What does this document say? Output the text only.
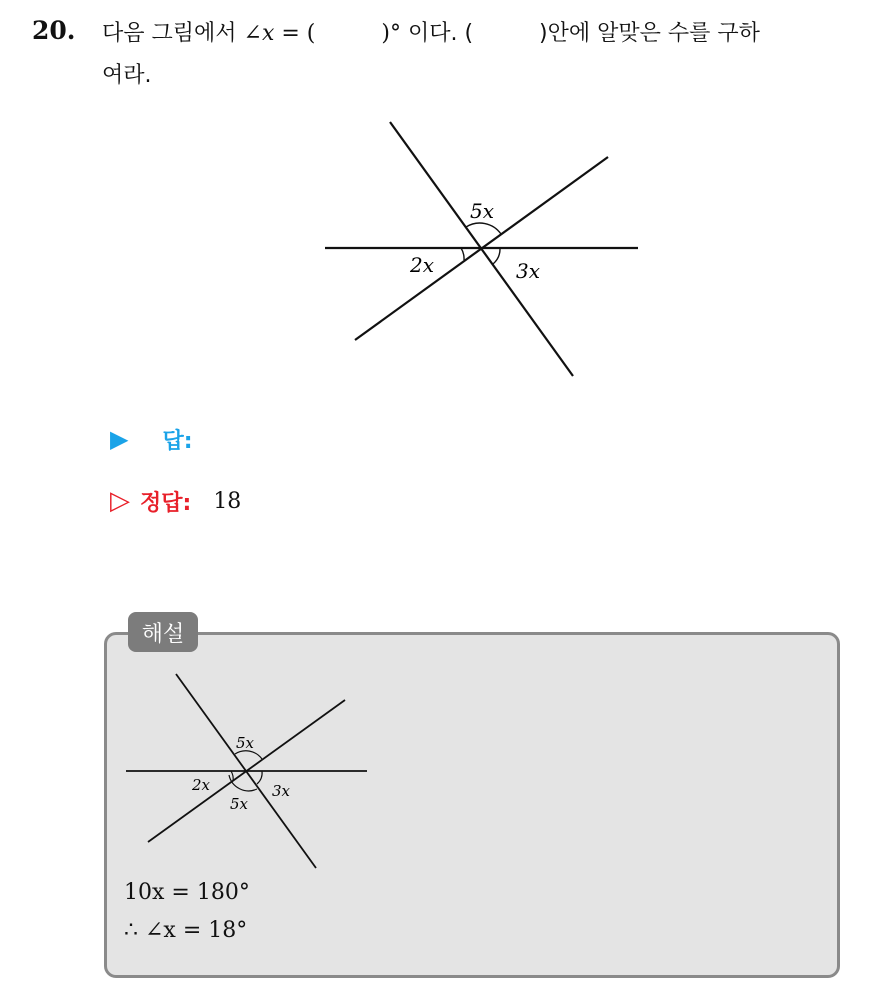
20. 다음 그림에서 ∠x = (	)° 이다. (	)안에 알맞은 수를 구하
여라.
5x
2x	3x
▶ 답:
▷ 정답: 18
해설
5x
2x	3x
5x
10x = 180°
∴ ∠x = 18°
